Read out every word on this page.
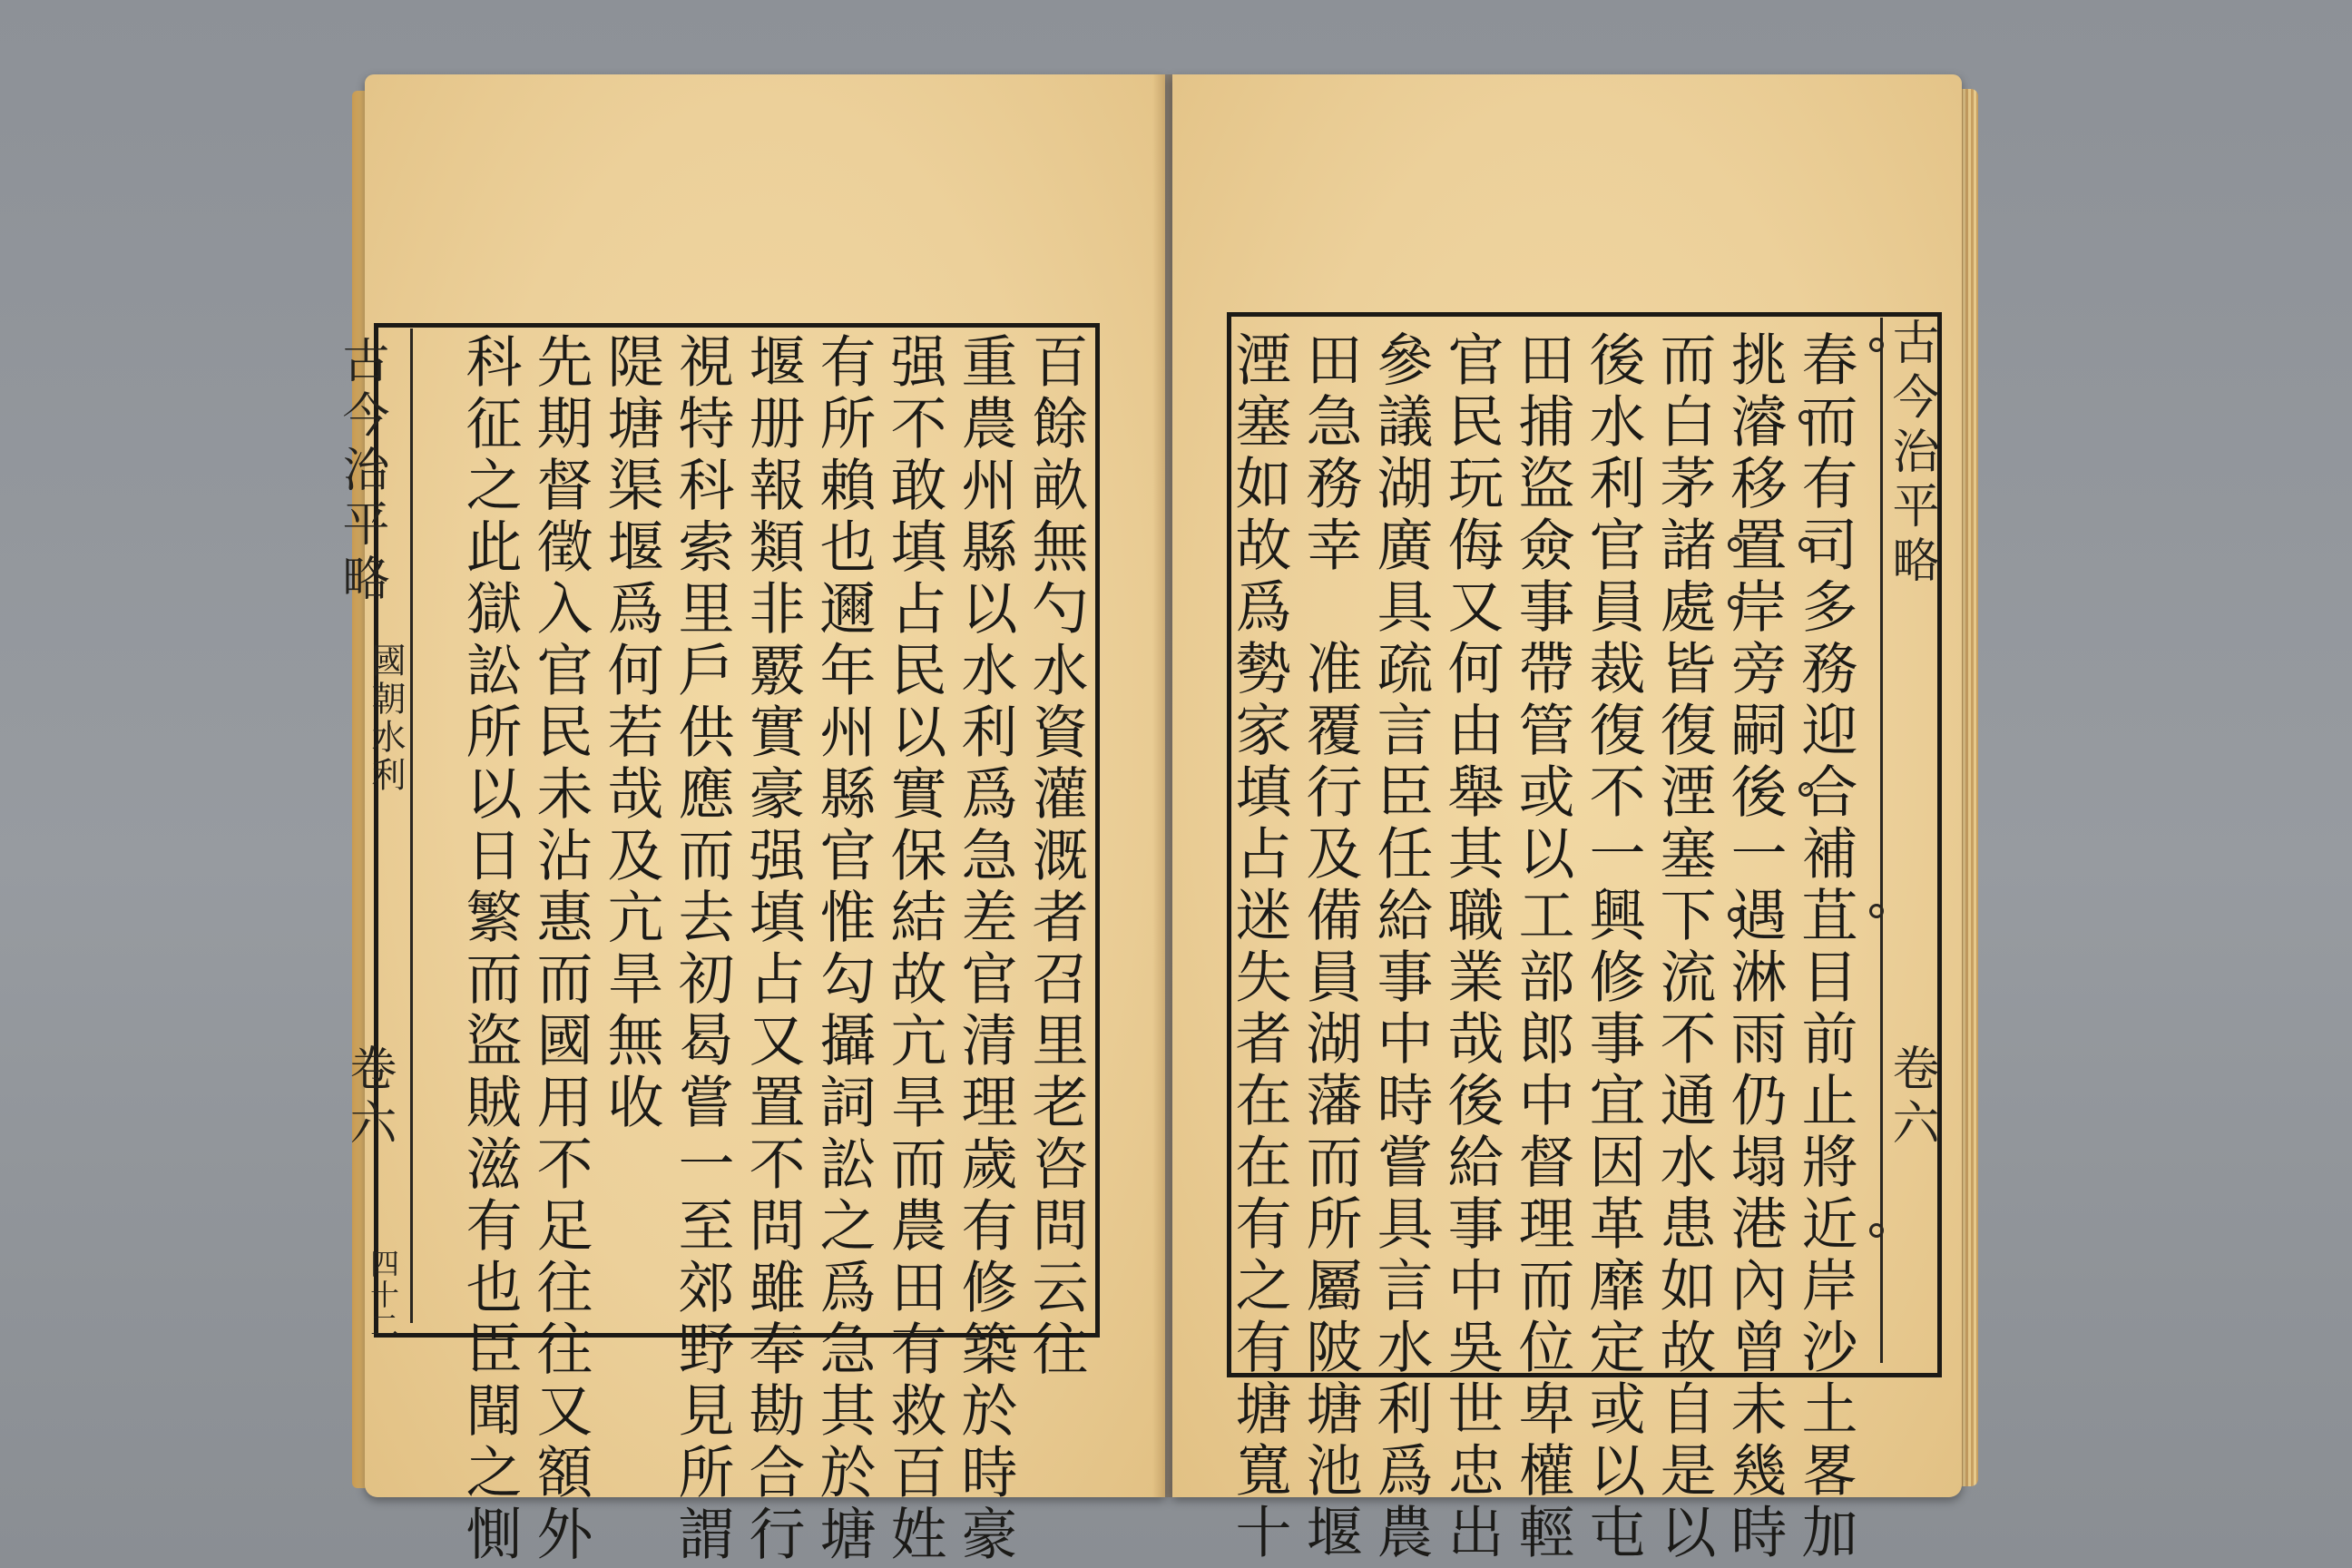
古今治平略
國朝水利
卷六
四十二	百餘畝無勺水資灌溉者召里老咨問云往
重農州縣以水利爲急差官清理歲有修築於時豪
强不敢填占民以實保結故亢旱而農田有救百姓
有所賴也邇年州縣官惟勾攝詞訟之爲急其於塘
堰册報類非覈實豪强填占又置不問雖奉勘合行
視特科索里戶供應而去初曷嘗一至郊野見所謂
隄塘渠堰爲何若哉及亢旱無收
先期督徵入官民未沾惠而國用不足往往又額外
科征之此獄訟所以日繁而盜賊滋有也臣聞之惻	古今治平略
卷六
春而有司多務迎合補苴目前止將近岸沙土畧加
挑濬移置岸旁嗣後一遇淋雨仍塌港內曾未幾時
而白茅諸處皆復湮塞下流不通水患如故自是以
後水利官員裁復不一興修事宜因革靡定或以屯
田捕盜僉事帶管或以工部郎中督理而位卑權輕
官民玩侮又何由舉其職業哉後給事中吳世忠出
參議湖廣具疏言臣任給事中時嘗具言水利爲農
田急務幸　准覆行及備員湖藩而所屬陂塘池堰
湮塞如故爲勢家填占迷失者在在有之有塘寬十
